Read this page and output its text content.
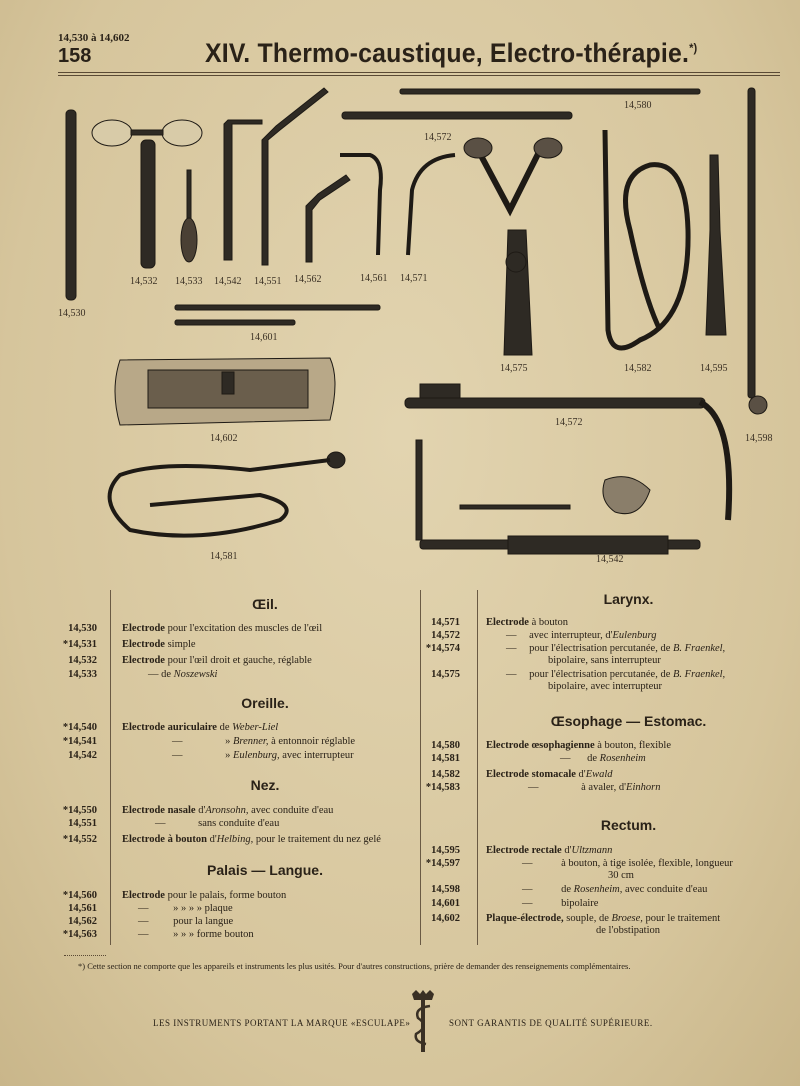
14,530 à 14,602
158	XIV. Thermo-caustique, Electro-thérapie.*)
14,530
14,532 14,533 14,542 14,551 14,562	14,561 14,571
14,572
14,580
14,575	14,582	14,595
14,598
14,601
14,602
14,572
14,581	14,542
Œil.
14,530 Electrode pour l'excitation des muscles de l'œil
*14,531 Electrode simple
14,532 Electrode pour l'œil droit et gauche, réglable
14,533	— de Noszewski
Oreille.
*14,540 Electrode auriculaire de Weber-Liel
*14,541	—	» Brenner, à entonnoir réglable
14,542	—	» Eulenburg, avec interrupteur
Nez.
*14,550 Electrode nasale d'Aronsohn, avec conduite d'eau
14,551	—	sans conduite d'eau
*14,552 Electrode à bouton d'Helbing, pour le traitement du nez gelé
Palais — Langue.
*14,560 Electrode pour le palais, forme bouton
14,561	— » » » » plaque
14,562	— pour la langue
*14,563	— » » » forme bouton
Larynx.
14,571 Electrode à bouton
14,572	— avec interrupteur, d'Eulenburg
*14,574	— pour l'électrisation percutanée, de B. Fraenkel,
bipolaire, sans interrupteur
14,575	— pour l'électrisation percutanée, de B. Fraenkel,
bipolaire, avec interrupteur
Œsophage — Estomac.
14,580 Electrode œsophagienne à bouton, flexible
14,581	— de Rosenheim
14,582 Electrode stomacale d'Ewald
*14,583	—	à avaler, d'Einhorn
Rectum.
14,595 Electrode rectale d'Ultzmann
*14,597	— à bouton, à tige isolée, flexible, longueur
30 cm
14,598	— de Rosenheim, avec conduite d'eau
14,601	— bipolaire
14,602 Plaque-électrode, souple, de Broese, pour le traitement
de l'obstipation
*) Cette section ne comporte que les appareils et instruments les plus usités. Pour d'autres constructions, prière de demander des renseignements complémentaires.
LES INSTRUMENTS PORTANT LA MARQUE «ESCULAPE»	SONT GARANTIS DE QUALITÉ SUPÉRIEURE.
